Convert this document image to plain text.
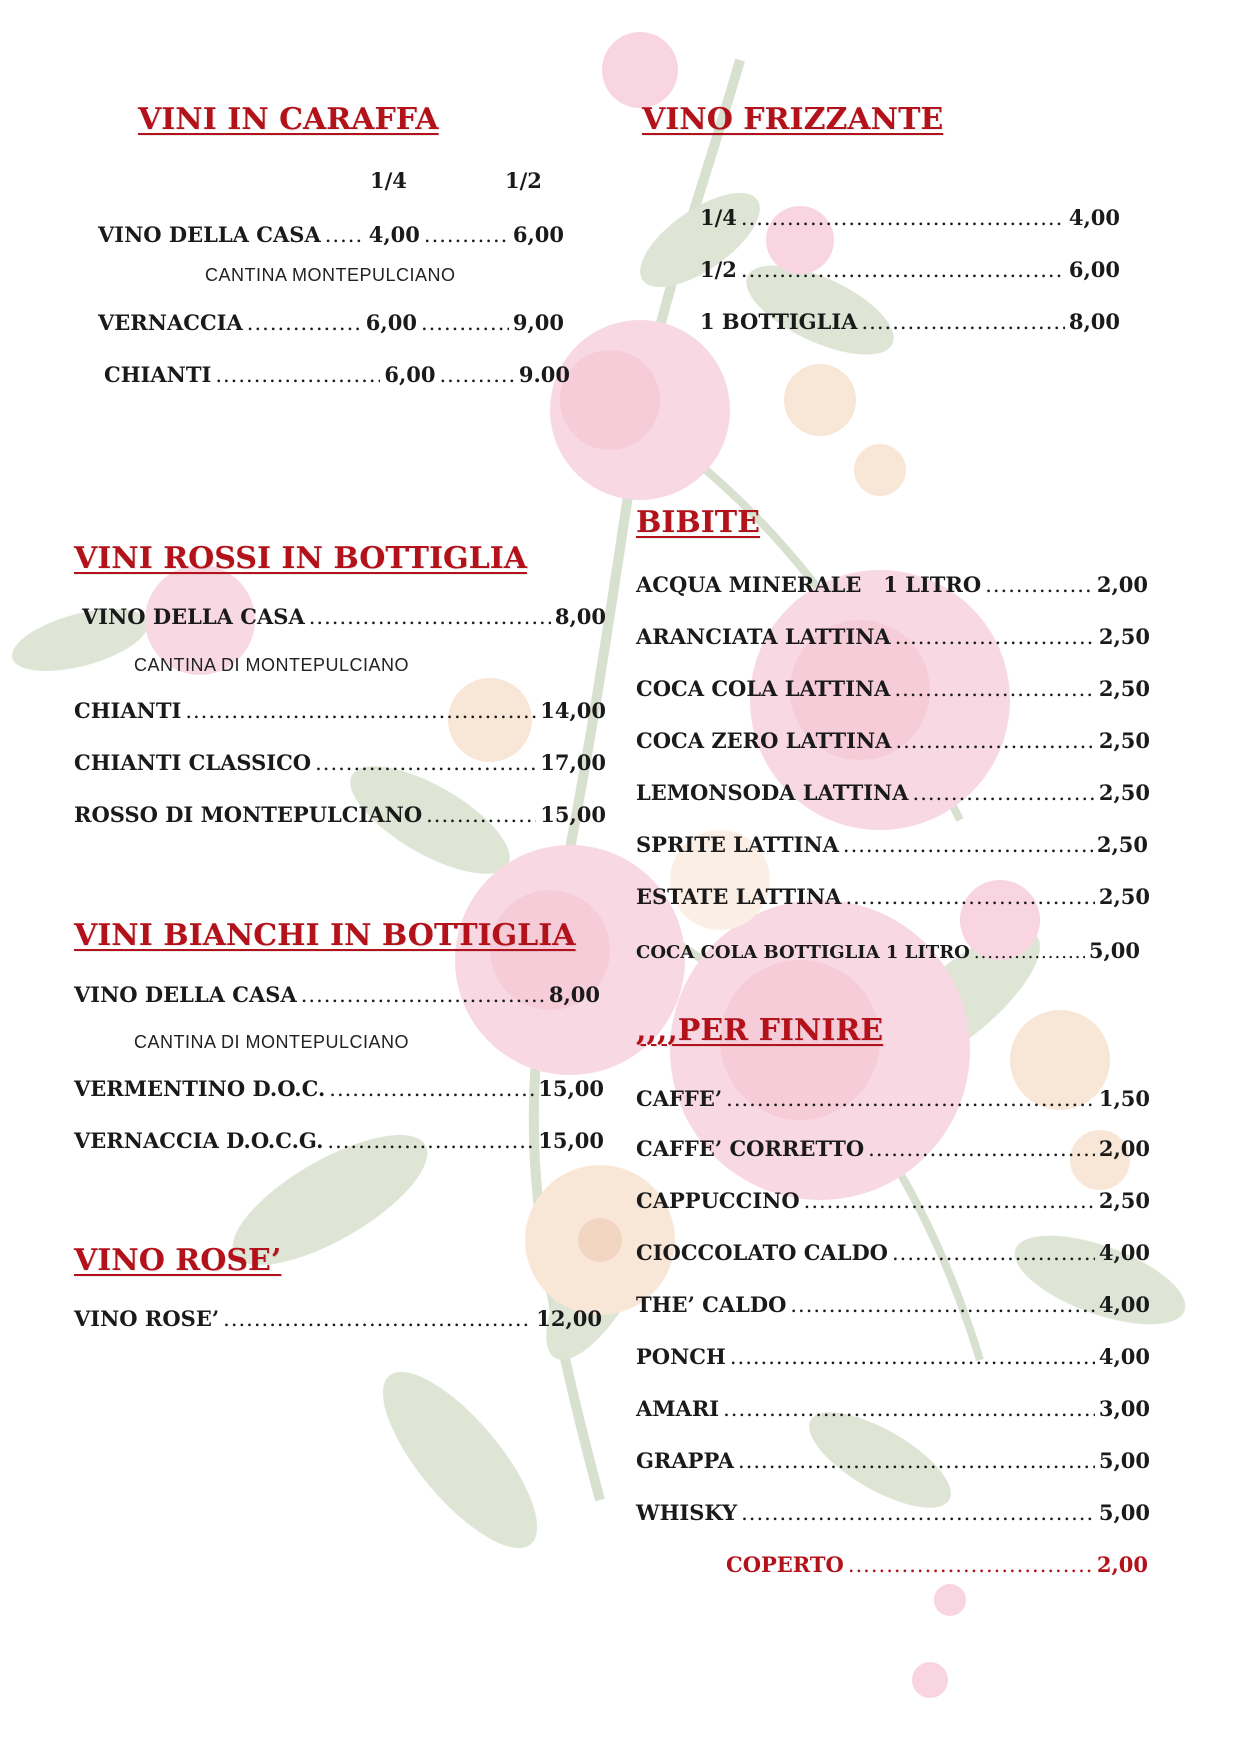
VINI IN CARAFFA
1/4	1/2
VINO DELLA CASA ..... 4,00 .....	6,00
CANTINA MONTEPULCIANO
VERNACCIA .....	6,00 .....	9,00
CHIANTI .....	6,00 .....	9.00
VINI ROSSI IN BOTTIGLIA
VINO DELLA CASA .....	8,00
CANTINA DI MONTEPULCIANO
CHIANTI .....	14,00
CHIANTI CLASSICO .....	17,00
ROSSO DI MONTEPULCIANO .....	15,00
VINI BIANCHI IN BOTTIGLIA
VINO DELLA CASA .....	8,00
CANTINA DI MONTEPULCIANO
VERMENTINO D.O.C. .....	15,00
VERNACCIA D.O.C.G. .....	15,00
VINO ROSE’
VINO ROSE’ .....	12,00
VINO FRIZZANTE
1/4 .....	4,00
1/2 .....	6,00
1 BOTTIGLIA .....	8,00
BIBITE
ACQUA MINERALE   1 LITRO .....	2,00
ARANCIATA LATTINA .....	2,50
COCA COLA LATTINA .....	2,50
COCA ZERO LATTINA .....	2,50
LEMONSODA LATTINA .....	2,50
SPRITE LATTINA .....	2,50
ESTATE LATTINA .....	2,50
COCA COLA BOTTIGLIA 1 LITRO .....	5,00
,,,,PER FINIRE
CAFFE’ .....	1,50
CAFFE’ CORRETTO .....	2,00
CAPPUCCINO .....	2,50
CIOCCOLATO CALDO .....	4,00
THE’ CALDO .....	4,00
PONCH .....	4,00
AMARI .....	3,00
GRAPPA .....	5,00
WHISKY .....	5,00
COPERTO .....	2,00
